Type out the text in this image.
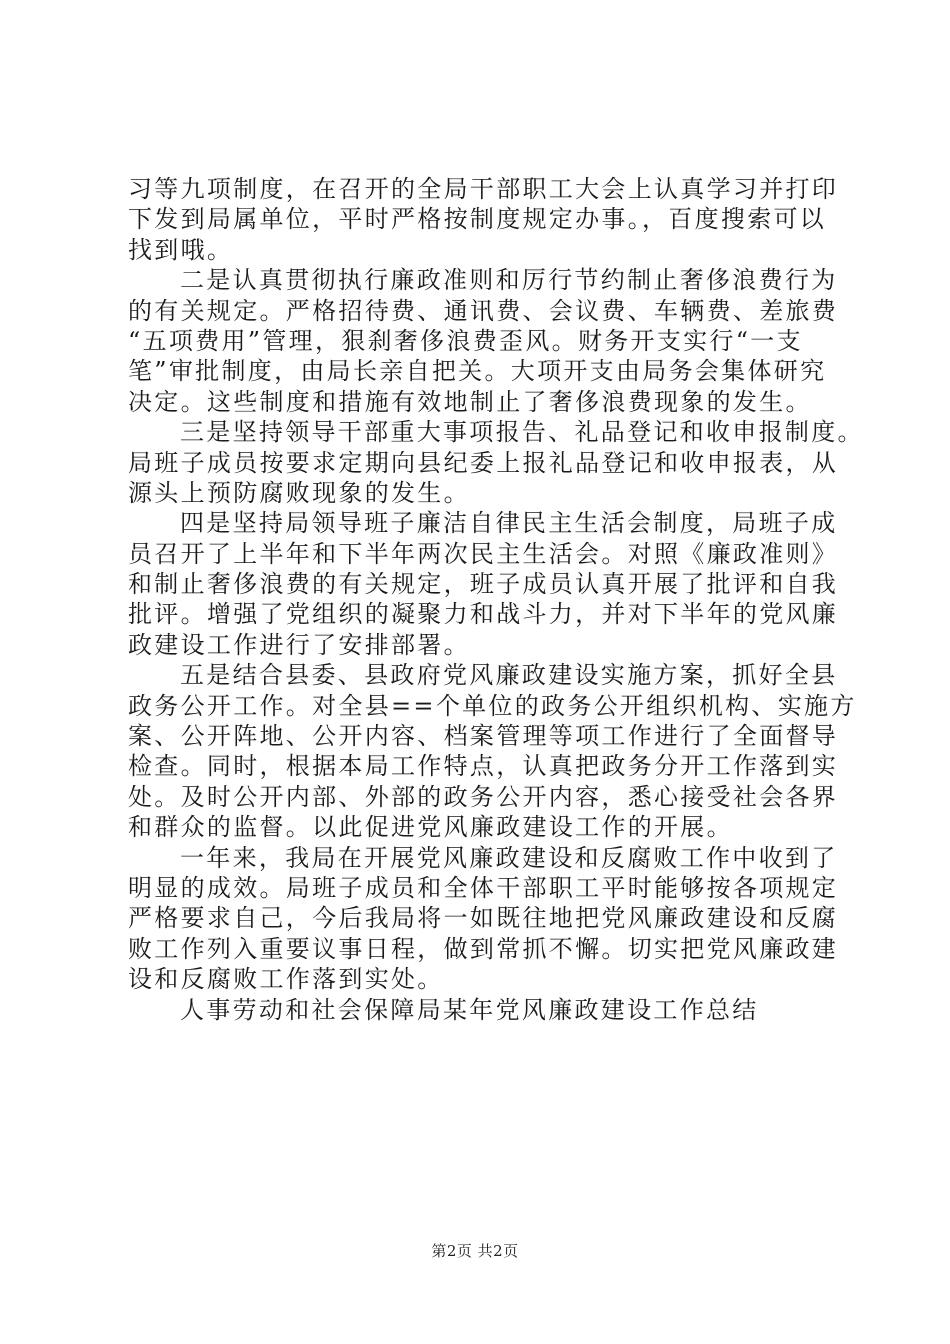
习等九项制度，在召开的全局干部职工大会上认真学习并打印
下发到局属单位，平时严格按制度规定办事。，百度搜索可以
找到哦。
二是认真贯彻执行廉政准则和厉行节约制止奢侈浪费行为
的有关规定。严格招待费、通讯费、会议费、车辆费、差旅费
“五项费用”管理，狠刹奢侈浪费歪风。财务开支实行“一支
笔”审批制度，由局长亲自把关。大项开支由局务会集体研究
决定。这些制度和措施有效地制止了奢侈浪费现象的发生。
三是坚持领导干部重大事项报告、礼品登记和收申报制度。
局班子成员按要求定期向县纪委上报礼品登记和收申报表，从
源头上预防腐败现象的发生。
四是坚持局领导班子廉洁自律民主生活会制度，局班子成
员召开了上半年和下半年两次民主生活会。对照《廉政准则》
和制止奢侈浪费的有关规定，班子成员认真开展了批评和自我
批评。增强了党组织的凝聚力和战斗力，并对下半年的党风廉
政建设工作进行了安排部署。
五是结合县委、县政府党风廉政建设实施方案，抓好全县
政务公开工作。对全县==个单位的政务公开组织机构、实施方
案、公开阵地、公开内容、档案管理等项工作进行了全面督导
检查。同时，根据本局工作特点，认真把政务分开工作落到实
处。及时公开内部、外部的政务公开内容，悉心接受社会各界
和群众的监督。以此促进党风廉政建设工作的开展。
一年来，我局在开展党风廉政建设和反腐败工作中收到了
明显的成效。局班子成员和全体干部职工平时能够按各项规定
严格要求自己，今后我局将一如既往地把党风廉政建设和反腐
败工作列入重要议事日程，做到常抓不懈。切实把党风廉政建
设和反腐败工作落到实处。
人事劳动和社会保障局某年党风廉政建设工作总结
第2页 共2页
